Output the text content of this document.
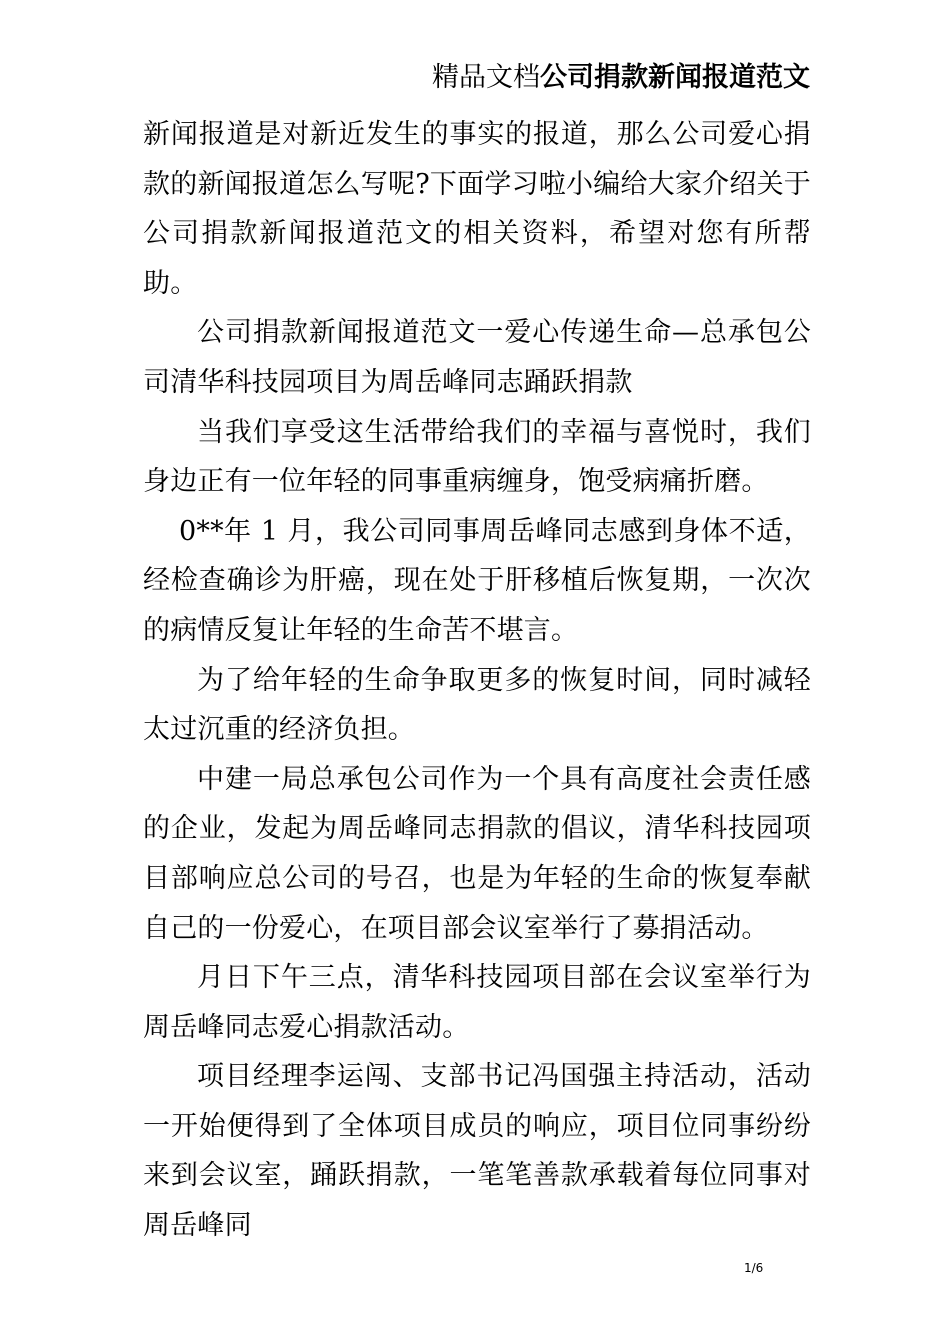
精品文档公司捐款新闻报道范文

新闻报道是对新近发生的事实的报道，那么公司爱心捐款的新闻报道怎么写呢?下面学习啦小编给大家介绍关于公司捐款新闻报道范文的相关资料，希望对您有所帮助。

公司捐款新闻报道范文一爱心传递生命—总承包公司清华科技园项目为周岳峰同志踊跃捐款

当我们享受这生活带给我们的幸福与喜悦时，我们身边正有一位年轻的同事重病缠身，饱受病痛折磨。

0**年 1 月，我公司同事周岳峰同志感到身体不适，经检查确诊为肝癌，现在处于肝移植后恢复期，一次次的病情反复让年轻的生命苦不堪言。

为了给年轻的生命争取更多的恢复时间，同时减轻太过沉重的经济负担。

中建一局总承包公司作为一个具有高度社会责任感的企业，发起为周岳峰同志捐款的倡议，清华科技园项目部响应总公司的号召，也是为年轻的生命的恢复奉献自己的一份爱心，在项目部会议室举行了募捐活动。

月日下午三点，清华科技园项目部在会议室举行为周岳峰同志爱心捐款活动。

项目经理李运闯、支部书记冯国强主持活动，活动一开始便得到了全体项目成员的响应，项目位同事纷纷来到会议室，踊跃捐款，一笔笔善款承载着每位同事对周岳峰同

1/6
